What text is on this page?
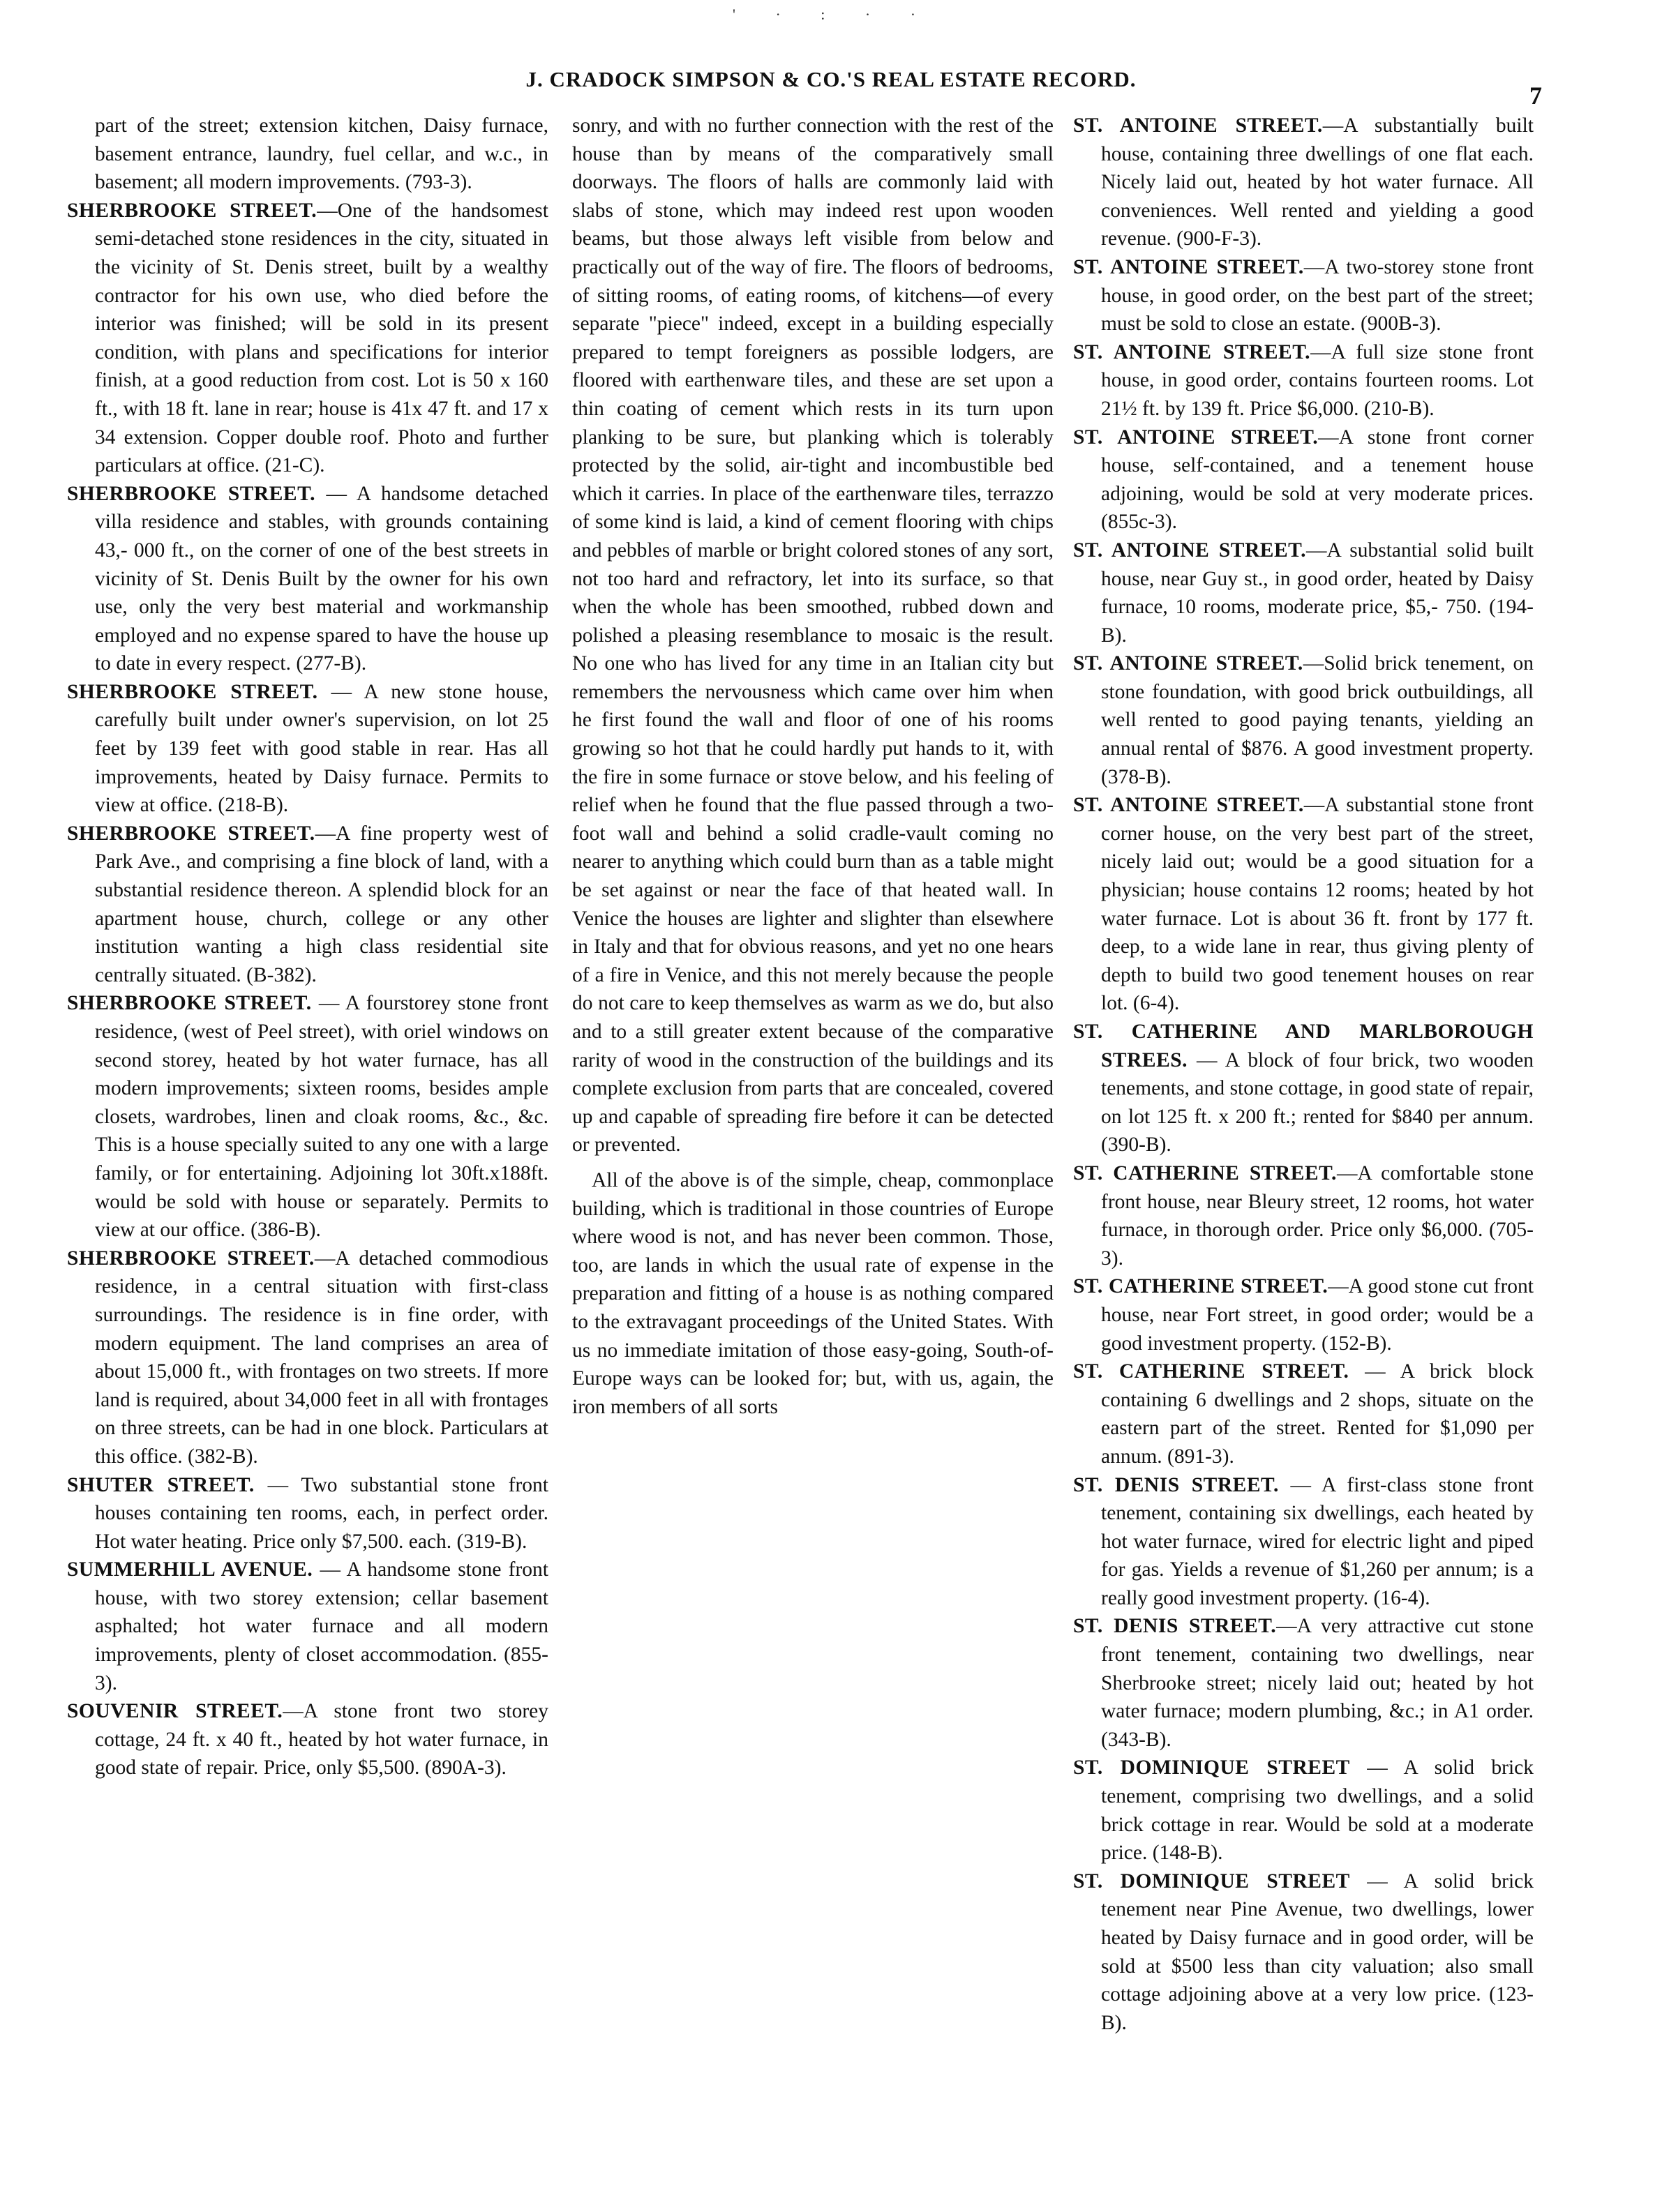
' · : · ·
J. CRADOCK SIMPSON & CO.'S REAL ESTATE RECORD.
7

part of the street; extension kitchen, Daisy furnace, basement entrance, laundry, fuel cellar, and w.c., in basement; all modern improvements. (793-3).

SHERBROOKE STREET.—One of the handsomest semi-detached stone residences in the city, situated in the vicinity of St. Denis street, built by a wealthy contractor for his own use, who died before the interior was finished; will be sold in its present condition, with plans and specifications for interior finish, at a good reduction from cost. Lot is 50 x 160 ft., with 18 ft. lane in rear; house is 41x 47 ft. and 17 x 34 extension. Copper double roof. Photo and further particulars at office. (21-C).

SHERBROOKE STREET. — A handsome detached villa residence and stables, with grounds containing 43,- 000 ft., on the corner of one of the best streets in vicinity of St. Denis Built by the owner for his own use, only the very best material and workmanship employed and no expense spared to have the house up to date in every respect. (277-B).

SHERBROOKE STREET. — A new stone house, carefully built under owner's supervision, on lot 25 feet by 139 feet with good stable in rear. Has all improvements, heated by Daisy furnace. Permits to view at office. (218-B).

SHERBROOKE STREET.—A fine property west of Park Ave., and comprising a fine block of land, with a substantial residence thereon. A splendid block for an apartment house, church, college or any other institution wanting a high class residential site centrally situated. (B-382).

SHERBROOKE STREET. — A fourstorey stone front residence, (west of Peel street), with oriel windows on second storey, heated by hot water furnace, has all modern improvements; sixteen rooms, besides ample closets, wardrobes, linen and cloak rooms, &c., &c. This is a house specially suited to any one with a large family, or for entertaining. Adjoining lot 30ft.x188ft. would be sold with house or separately. Permits to view at our office. (386-B).

SHERBROOKE STREET.—A detached commodious residence, in a central situation with first-class surroundings. The residence is in fine order, with modern equipment. The land comprises an area of about 15,000 ft., with frontages on two streets. If more land is required, about 34,000 feet in all with frontages on three streets, can be had in one block. Particulars at this office. (382-B).

SHUTER STREET. — Two substantial stone front houses containing ten rooms, each, in perfect order. Hot water heating. Price only $7,500. each. (319-B).

SUMMERHILL AVENUE. — A handsome stone front house, with two storey extension; cellar basement asphalted; hot water furnace and all modern improvements, plenty of closet accommodation. (855-3).

SOUVENIR STREET.—A stone front two storey cottage, 24 ft. x 40 ft., heated by hot water furnace, in good state of repair. Price, only $5,500. (890A-3).

sonry, and with no further connection with the rest of the house than by means of the comparatively small doorways. The floors of halls are commonly laid with slabs of stone, which may indeed rest upon wooden beams, but those always left visible from below and practically out of the way of fire. The floors of bedrooms, of sitting rooms, of eating rooms, of kitchens—of every separate "piece" indeed, except in a building especially prepared to tempt foreigners as possible lodgers, are floored with earthenware tiles, and these are set upon a thin coating of cement which rests in its turn upon planking to be sure, but planking which is tolerably protected by the solid, air-tight and incombustible bed which it carries. In place of the earthenware tiles, terrazzo of some kind is laid, a kind of cement flooring with chips and pebbles of marble or bright colored stones of any sort, not too hard and refractory, let into its surface, so that when the whole has been smoothed, rubbed down and polished a pleasing resemblance to mosaic is the result. No one who has lived for any time in an Italian city but remembers the nervousness which came over him when he first found the wall and floor of one of his rooms growing so hot that he could hardly put hands to it, with the fire in some furnace or stove below, and his feeling of relief when he found that the flue passed through a two-foot wall and behind a solid cradle-vault coming no nearer to anything which could burn than as a table might be set against or near the face of that heated wall. In Venice the houses are lighter and slighter than elsewhere in Italy and that for obvious reasons, and yet no one hears of a fire in Venice, and this not merely because the people do not care to keep themselves as warm as we do, but also and to a still greater extent because of the comparative rarity of wood in the construction of the buildings and its complete exclusion from parts that are concealed, covered up and capable of spreading fire before it can be detected or prevented.

All of the above is of the simple, cheap, commonplace building, which is traditional in those countries of Europe where wood is not, and has never been common. Those, too, are lands in which the usual rate of expense in the preparation and fitting of a house is as nothing compared to the extravagant proceedings of the United States. With us no immediate imitation of those easy-going, South-of-Europe ways can be looked for; but, with us, again, the iron members of all sorts

ST. ANTOINE STREET.—A substantially built house, containing three dwellings of one flat each. Nicely laid out, heated by hot water furnace. All conveniences. Well rented and yielding a good revenue. (900-F-3).

ST. ANTOINE STREET.—A two-storey stone front house, in good order, on the best part of the street; must be sold to close an estate. (900B-3).

ST. ANTOINE STREET.—A full size stone front house, in good order, contains fourteen rooms. Lot 21½ ft. by 139 ft. Price $6,000. (210-B).

ST. ANTOINE STREET.—A stone front corner house, self-contained, and a tenement house adjoining, would be sold at very moderate prices. (855c-3).

ST. ANTOINE STREET.—A substantial solid built house, near Guy st., in good order, heated by Daisy furnace, 10 rooms, moderate price, $5,- 750. (194-B).

ST. ANTOINE STREET.—Solid brick tenement, on stone foundation, with good brick outbuildings, all well rented to good paying tenants, yielding an annual rental of $876. A good investment property. (378-B).

ST. ANTOINE STREET.—A substantial stone front corner house, on the very best part of the street, nicely laid out; would be a good situation for a physician; house contains 12 rooms; heated by hot water furnace. Lot is about 36 ft. front by 177 ft. deep, to a wide lane in rear, thus giving plenty of depth to build two good tenement houses on rear lot. (6-4).

ST. CATHERINE AND MARLBOROUGH STREES. — A block of four brick, two wooden tenements, and stone cottage, in good state of repair, on lot 125 ft. x 200 ft.; rented for $840 per annum. (390-B).

ST. CATHERINE STREET.—A comfortable stone front house, near Bleury street, 12 rooms, hot water furnace, in thorough order. Price only $6,000. (705-3).

ST. CATHERINE STREET.—A good stone cut front house, near Fort street, in good order; would be a good investment property. (152-B).

ST. CATHERINE STREET. — A brick block containing 6 dwellings and 2 shops, situate on the eastern part of the street. Rented for $1,090 per annum. (891-3).

ST. DENIS STREET. — A first-class stone front tenement, containing six dwellings, each heated by hot water furnace, wired for electric light and piped for gas. Yields a revenue of $1,260 per annum; is a really good investment property. (16-4).

ST. DENIS STREET.—A very attractive cut stone front tenement, containing two dwellings, near Sherbrooke street; nicely laid out; heated by hot water furnace; modern plumbing, &c.; in A1 order. (343-B).

ST. DOMINIQUE STREET — A solid brick tenement, comprising two dwellings, and a solid brick cottage in rear. Would be sold at a moderate price. (148-B).

ST. DOMINIQUE STREET — A solid brick tenement near Pine Avenue, two dwellings, lower heated by Daisy furnace and in good order, will be sold at $500 less than city valuation; also small cottage adjoining above at a very low price. (123-B).
